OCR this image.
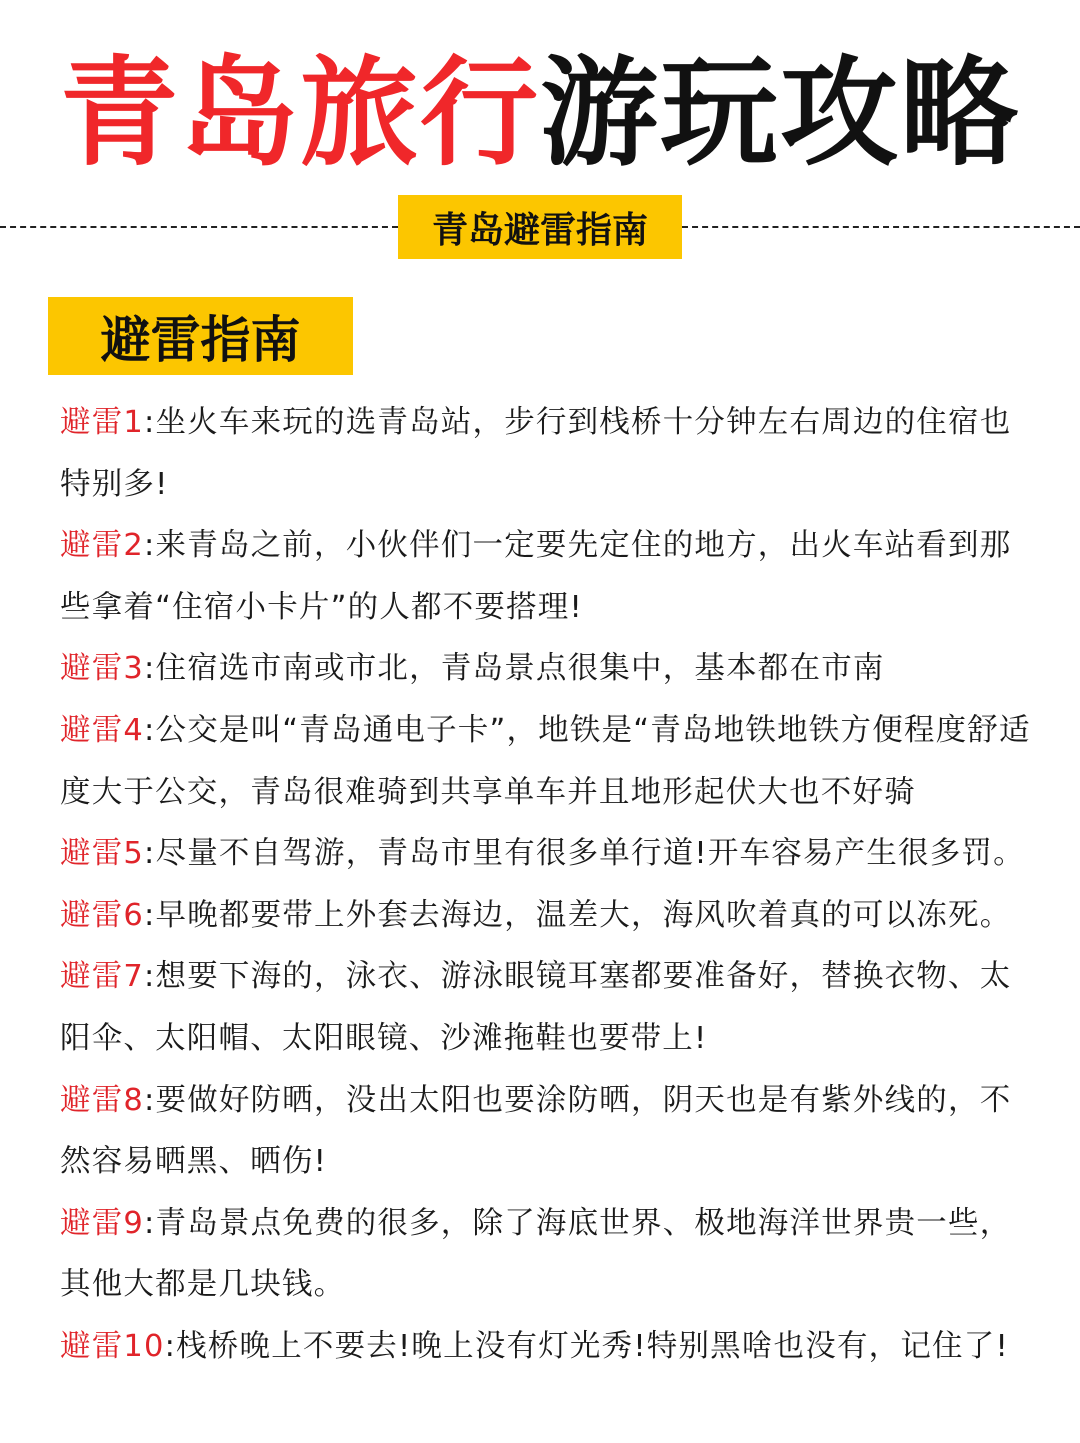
青岛旅行游玩攻略
青岛避雷指南
避雷指南
避雷1:坐火车来玩的选青岛站，步行到栈桥十分钟左右周边的住宿也特别多!
避雷2:来青岛之前，小伙伴们一定要先定住的地方，出火车站看到那些拿着“住宿小卡片”的人都不要搭理!
避雷3:住宿选市南或市北，青岛景点很集中，基本都在市南
避雷4:公交是叫“青岛通电子卡”，地铁是“青岛地铁地铁方便程度舒适度大于公交，青岛很难骑到共享单车并且地形起伏大也不好骑
避雷5:尽量不自驾游，青岛市里有很多单行道!开车容易产生很多罚。
避雷6:早晚都要带上外套去海边，温差大，海风吹着真的可以冻死。
避雷7:想要下海的，泳衣、游泳眼镜耳塞都要准备好，替换衣物、太阳伞、太阳帽、太阳眼镜、沙滩拖鞋也要带上!
避雷8:要做好防晒，没出太阳也要涂防晒，阴天也是有紫外线的，不然容易晒黑、晒伤!
避雷9:青岛景点免费的很多，除了海底世界、极地海洋世界贵一些，其他大都是几块钱。
避雷10:栈桥晚上不要去!晚上没有灯光秀!特别黑啥也没有，记住了!
